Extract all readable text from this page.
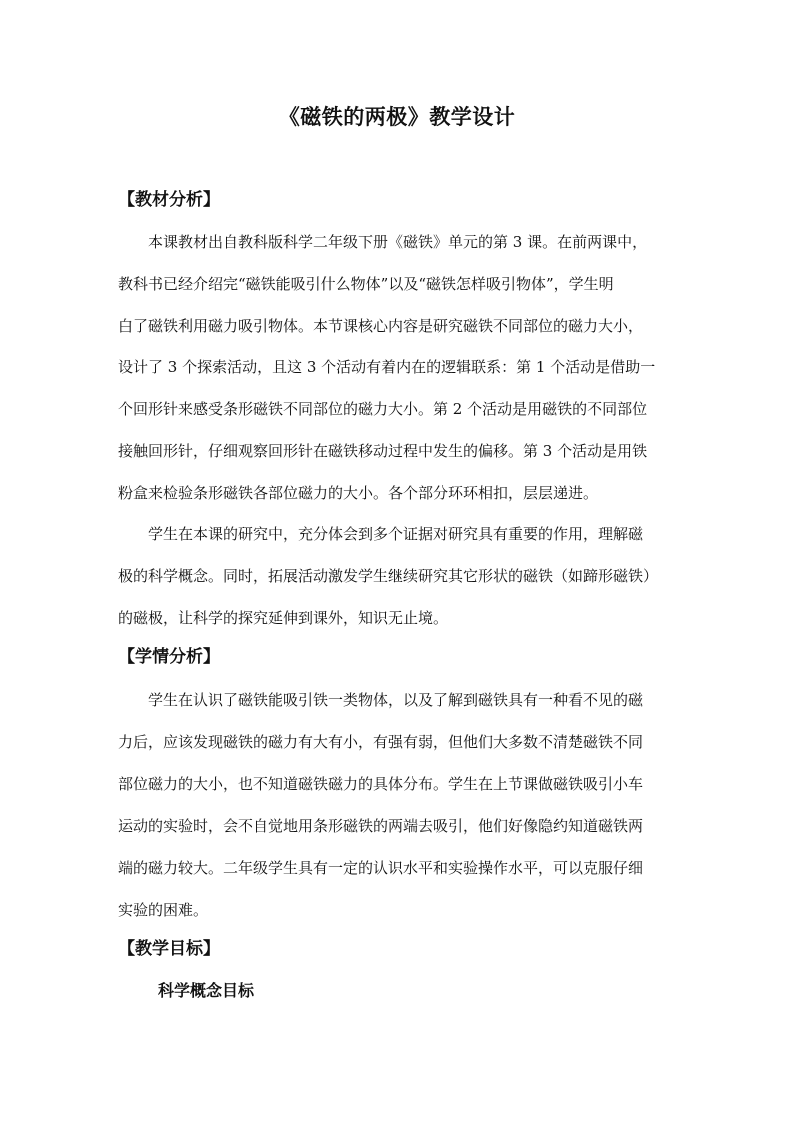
《磁铁的两极》教学设计
【教材分析】

本课教材出自教科版科学二年级下册《磁铁》单元的第 3 课。在前两课中，

教科书已经介绍完“磁铁能吸引什么物体”以及“磁铁怎样吸引物体”，学生明

白了磁铁利用磁力吸引物体。本节课核心内容是研究磁铁不同部位的磁力大小，

设计了 3 个探索活动，且这 3 个活动有着内在的逻辑联系：第 1 个活动是借助一

个回形针来感受条形磁铁不同部位的磁力大小。第 2 个活动是用磁铁的不同部位

接触回形针，仔细观察回形针在磁铁移动过程中发生的偏移。第 3 个活动是用铁

粉盒来检验条形磁铁各部位磁力的大小。各个部分环环相扣，层层递进。

学生在本课的研究中，充分体会到多个证据对研究具有重要的作用，理解磁

极的科学概念。同时，拓展活动激发学生继续研究其它形状的磁铁（如蹄形磁铁）

的磁极，让科学的探究延伸到课外，知识无止境。

【学情分析】

学生在认识了磁铁能吸引铁一类物体，以及了解到磁铁具有一种看不见的磁

力后，应该发现磁铁的磁力有大有小，有强有弱，但他们大多数不清楚磁铁不同

部位磁力的大小，也不知道磁铁磁力的具体分布。学生在上节课做磁铁吸引小车

运动的实验时，会不自觉地用条形磁铁的两端去吸引，他们好像隐约知道磁铁两

端的磁力较大。二年级学生具有一定的认识水平和实验操作水平，可以克服仔细

实验的困难。

【教学目标】
科学概念目标
